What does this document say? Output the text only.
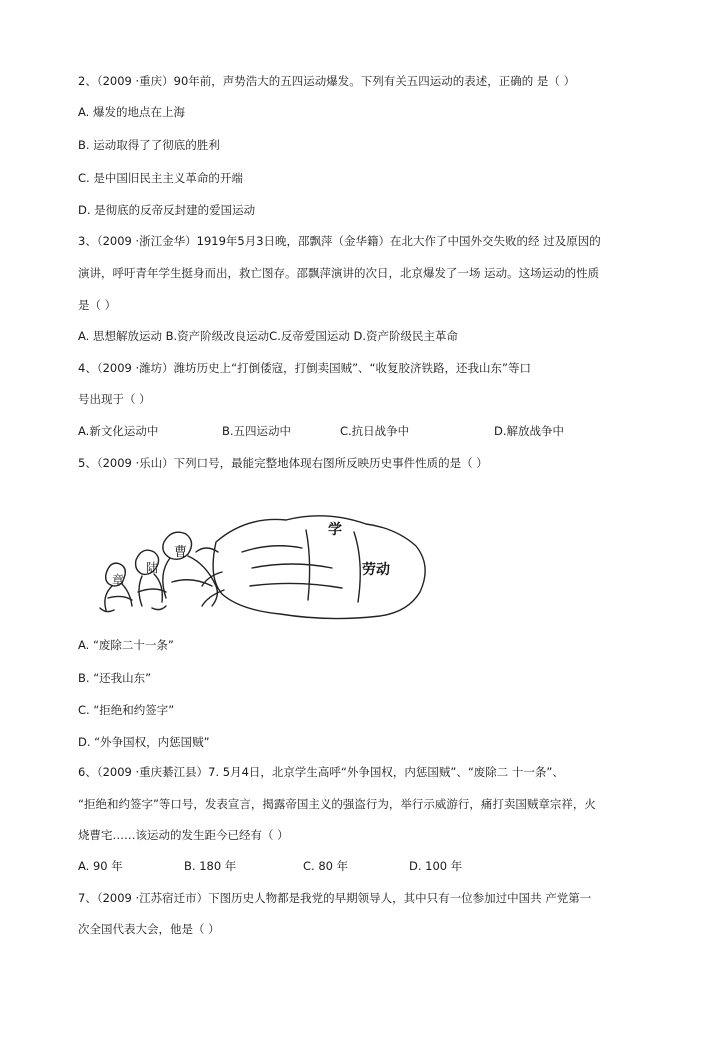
2、（2009 ·重庆）90年前，声势浩大的五四运动爆发。下列有关五四运动的表述，正确的 是（ ）
A. 爆发的地点在上海
B. 运动取得了了彻底的胜利
C. 是中国旧民主主义革命的开端
D. 是彻底的反帝反封建的爱国运动
3、（2009 ·浙江金华）1919年5月3日晚，邵飘萍（金华籍）在北大作了中国外交失败的经 过及原因的
演讲，呼吁青年学生挺身而出，救亡图存。邵飘萍演讲的次日，北京爆发了一场 运动。这场运动的性质
是（ ）
A. 思想解放运动 B.资产阶级改良运动C.反帝爱国运动 D.资产阶级民主革命
4、（2009 ·潍坊）潍坊历史上“打倒倭寇，打倒卖国贼”、“收复胶济铁路，还我山东”等口
号出现于（ ）
A.新文化运动中	B.五四运动中	C.抗日战争中	D.解放战争中
5、（2009 ·乐山）下列口号，最能完整地体现右图所反映历史事件性质的是（ ）
学
劳动
曹
陆
章
A. “废除二十一条”
B. “还我山东”
C. “拒绝和约签字”
D. “外争国权，内惩国贼”
6、（2009 ·重庆綦江县）7. 5月4日，北京学生高呼“外争国权，内惩国贼”、“废除二 十一条”、
“拒绝和约签字”等口号，发表宣言，揭露帝国主义的强盗行为，举行示威游行，痛打卖国贼章宗祥，火
烧曹宅……该运动的发生距今已经有（ ）
A. 90 年	B. 180 年	C. 80 年	D. 100 年
7、（2009 ·江苏宿迁市）下图历史人物都是我党的早期领导人，其中只有一位参加过中国共 产党第一
次全国代表大会，他是（ ）
